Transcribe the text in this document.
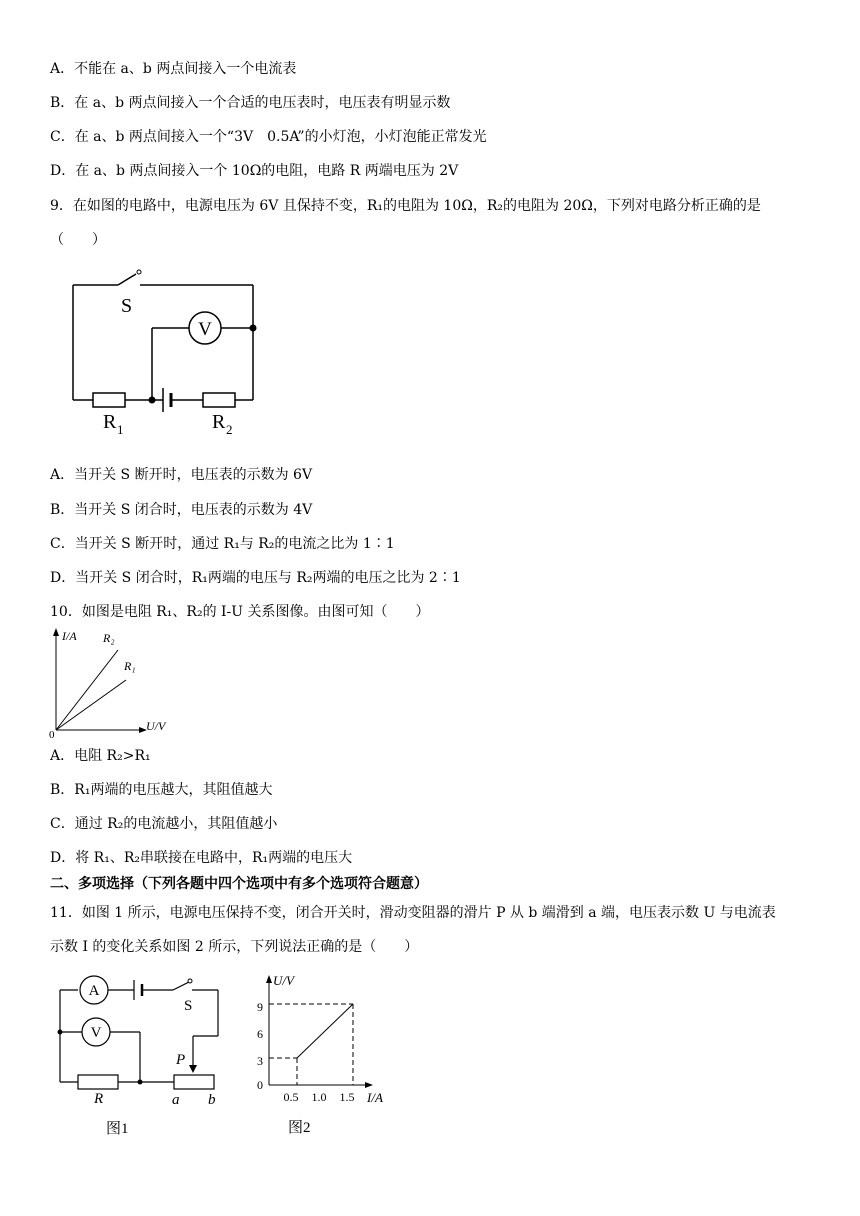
A．不能在 a、b 两点间接入一个电流表
B．在 a、b 两点间接入一个合适的电压表时，电压表有明显示数
C．在 a、b 两点间接入一个“3V　0.5A”的小灯泡，小灯泡能正常发光
D．在 a、b 两点间接入一个 10Ω的电阻，电路 R 两端电压为 2V
9．在如图的电路中，电源电压为 6V 且保持不变，R₁的电阻为 10Ω，R₂的电阻为 20Ω，下列对电路分析正确的是
（　　）
S
V
R 1	R 2
A．当开关 S 断开时，电压表的示数为 6V
B．当开关 S 闭合时，电压表的示数为 4V
C．当开关 S 断开时，通过 R₁与 R₂的电流之比为 1∶1
D．当开关 S 闭合时，R₁两端的电压与 R₂两端的电压之比为 2∶1
10．如图是电阻 R₁、R₂的 I-U 关系图像。由图可知（　　）
I/A
U/V
0
R₂
R₁
A．电阻 R₂>R₁
B．R₁两端的电压越大，其阻值越大
C．通过 R₂的电流越小，其阻值越小
D．将 R₁、R₂串联接在电路中，R₁两端的电压大
二、多项选择（下列各题中四个选项中有多个选项符合题意）
11．如图 1 所示，电源电压保持不变，闭合开关时，滑动变阻器的滑片 P 从 b 端滑到 a 端，电压表示数 U 与电流表
示数 I 的变化关系如图 2 所示，下列说法正确的是（　　）
A
V
S
R
P
a b
图1
U/V
I/A
0
3
6
9
0.5 1.0 1.5
图2
